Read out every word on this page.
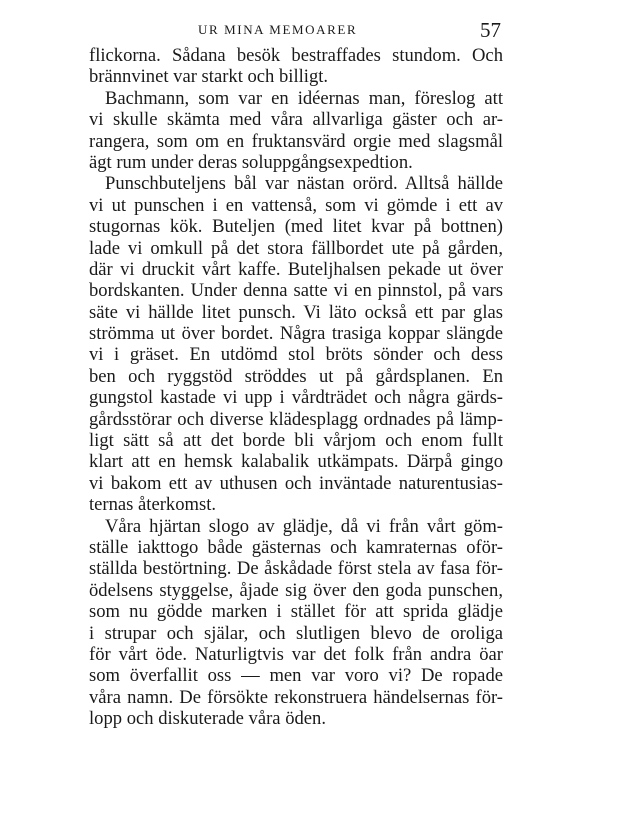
UR MINA MEMOARER	57
flickorna. Sådana besök bestraffades stundom. Och
brännvinet var starkt och billigt.
Bachmann, som var en idéernas man, föreslog att
vi skulle skämta med våra allvarliga gäster och ar-
rangera, som om en fruktansvärd orgie med slagsmål
ägt rum under deras soluppgångsexpedtion.
Punschbuteljens bål var nästan orörd. Alltså hällde
vi ut punschen i en vattenså, som vi gömde i ett av
stugornas kök. Buteljen (med litet kvar på bottnen)
lade vi omkull på det stora fällbordet ute på gården,
där vi druckit vårt kaffe. Buteljhalsen pekade ut över
bordskanten. Under denna satte vi en pinnstol, på vars
säte vi hällde litet punsch. Vi läto också ett par glas
strömma ut över bordet. Några trasiga koppar slängde
vi i gräset. En utdömd stol bröts sönder och dess
ben och ryggstöd ströddes ut på gårdsplanen. En
gungstol kastade vi upp i vårdträdet och några gärds-
gårdsstörar och diverse klädesplagg ordnades på lämp-
ligt sätt så att det borde bli vårjom och enom fullt
klart att en hemsk kalabalik utkämpats. Därpå gingo
vi bakom ett av uthusen och inväntade naturentusias-
ternas återkomst.
Våra hjärtan slogo av glädje, då vi från vårt göm-
ställe iakttogo både gästernas och kamraternas oför-
ställda bestörtning. De åskådade först stela av fasa för-
ödelsens styggelse, åjade sig över den goda punschen,
som nu gödde marken i stället för att sprida glädje
i strupar och själar, och slutligen blevo de oroliga
för vårt öde. Naturligtvis var det folk från andra öar
som överfallit oss — men var voro vi? De ropade
våra namn. De försökte rekonstruera händelsernas för-
lopp och diskuterade våra öden.
